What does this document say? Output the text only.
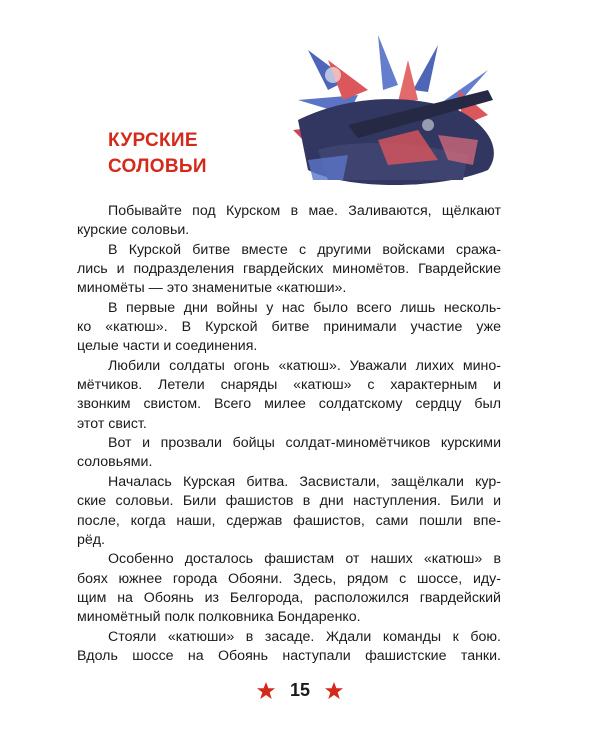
КУРСКИЕ
СОЛОВЬИ
Побывайте под Курском в мае. Заливаются, щёлкают
курские соловьи.
В Курской битве вместе с другими войсками сража-
лись и подразделения гвардейских миномётов. Гвардейские
миномёты — это знаменитые «катюши».
В первые дни войны у нас было всего лишь несколь-
ко «катюш». В Курской битве принимали участие уже
целые части и соединения.
Любили солдаты огонь «катюш». Уважали лихих мино-
мётчиков. Летели снаряды «катюш» с характерным и
звонким свистом. Всего милее солдатскому сердцу был
этот свист.
Вот и прозвали бойцы солдат-миномётчиков курскими
соловьями.
Началась Курская битва. Засвистали, защёлкали кур-
ские соловьи. Били фашистов в дни наступления. Били и
после, когда наши, сдержав фашистов, сами пошли впе-
рёд.
Особенно досталось фашистам от наших «катюш» в
боях южнее города Обояни. Здесь, рядом с шоссе, иду-
щим на Обоянь из Белгорода, расположился гвардейский
миномётный полк полковника Бондаренко.
Стояли «катюши» в засаде. Ждали команды к бою.
Вдоль шоссе на Обоянь наступали фашистские танки.
15
